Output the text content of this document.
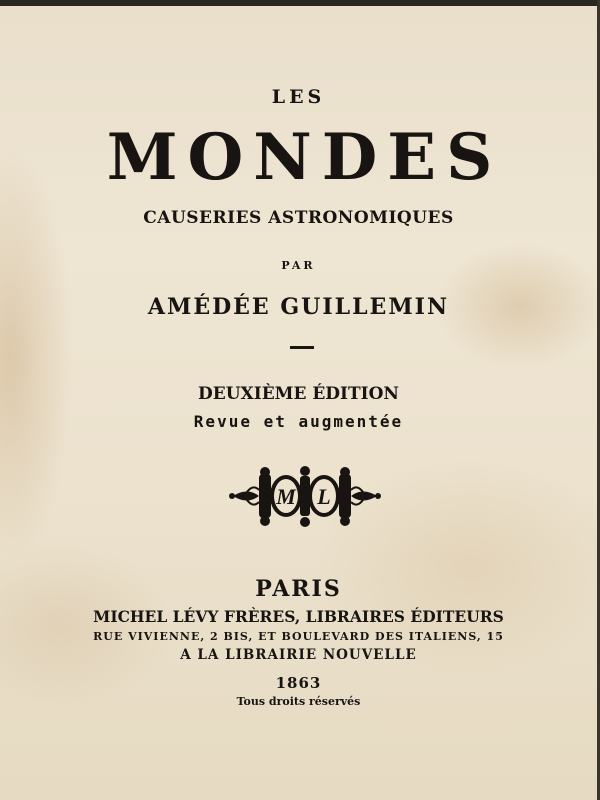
LES
MONDES
CAUSERIES ASTRONOMIQUES
PAR
AMÉDÉE GUILLEMIN
DEUXIÈME ÉDITION
Revue et augmentée
M L
PARIS
MICHEL LÉVY FRÈRES, LIBRAIRES ÉDITEURS
RUE VIVIENNE, 2 BIS, ET BOULEVARD DES ITALIENS, 15
A LA LIBRAIRIE NOUVELLE
1863
Tous droits réservés
